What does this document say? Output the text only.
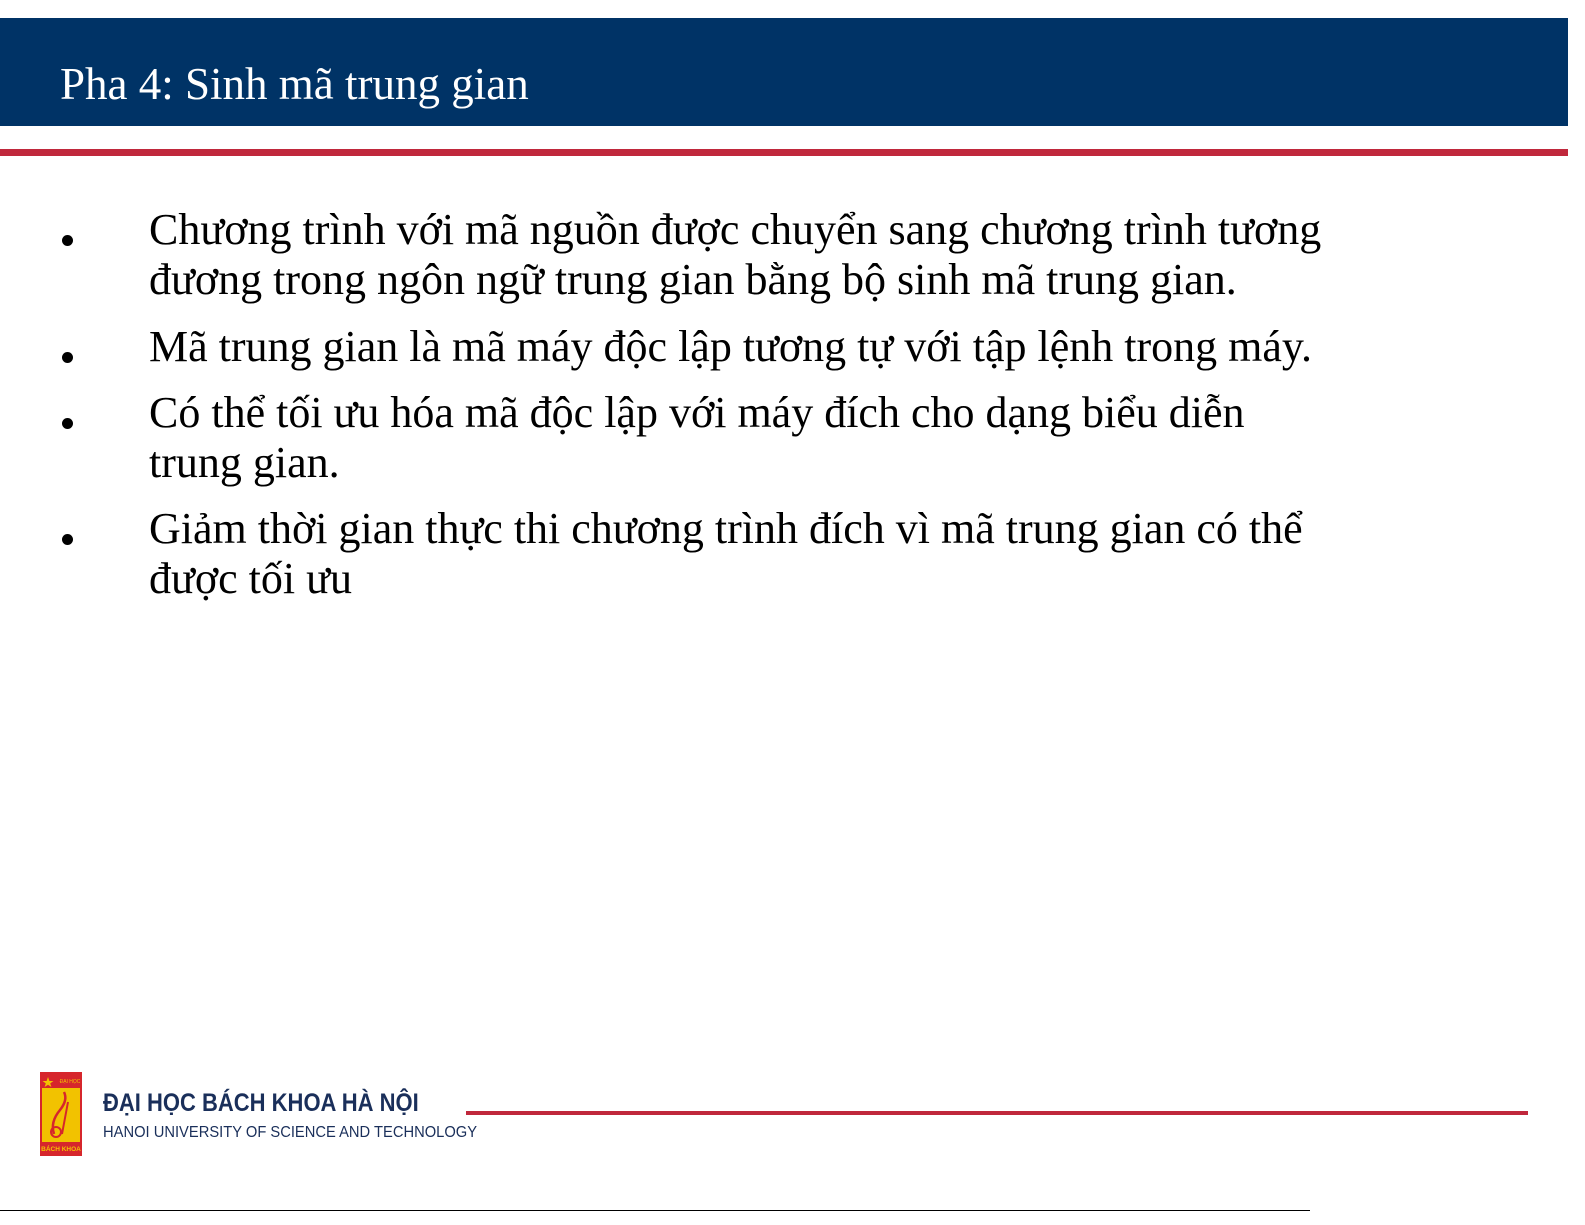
Pha 4: Sinh mã trung gian
Chương trình với mã nguồn được chuyển sang chương trình tương
đương trong ngôn ngữ trung gian bằng bộ sinh mã trung gian.
Mã trung gian là mã máy độc lập tương tự với tập lệnh trong máy.
Có thể tối ưu hóa mã độc lập với máy đích cho dạng biểu diễn
trung gian.
Giảm thời gian thực thi chương trình đích vì mã trung gian có thể
được tối ưu
ĐẠI HỌC
BÁCH KHOA
ĐẠI HỌC BÁCH KHOA HÀ NỘI
HANOI UNIVERSITY OF SCIENCE AND TECHNOLOGY
